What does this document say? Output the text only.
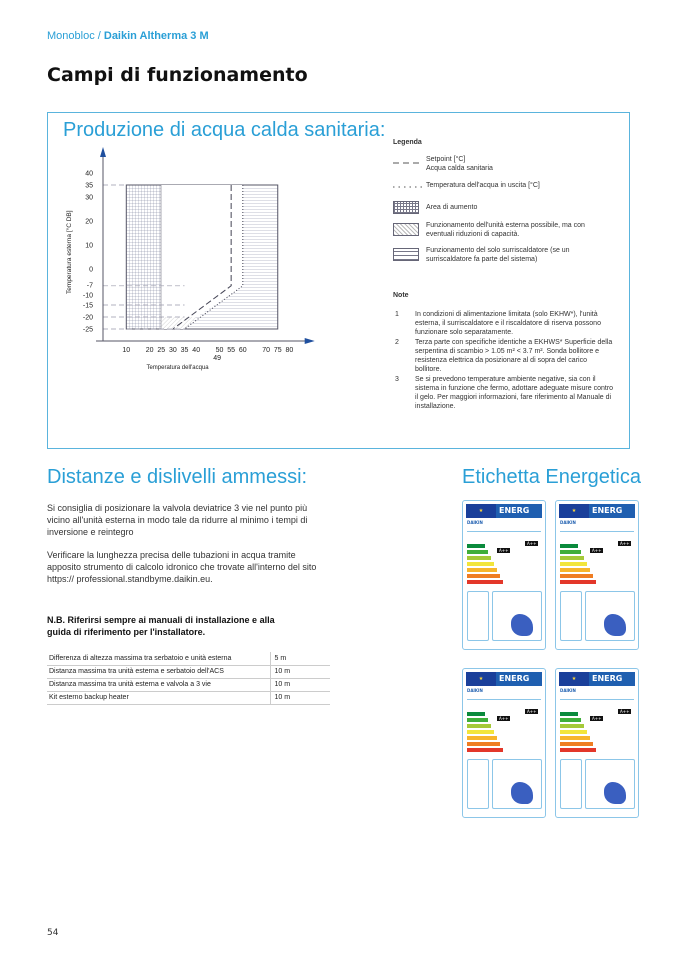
Monobloc / Daikin Altherma 3 M
Campi di funzionamento
Produzione di acqua calda sanitaria:
40
35
30
20
10
0
-7
-10
-15
-20
-25
10 20 25 30 35 40 50 55 60 70 75 80
49
Temperatura dell'acqua
Temperatura esterna [°C DB]
Legenda
Setpoint [°C]
Acqua calda sanitaria
Temperatura dell'acqua in uscita [°C]
Area di aumento
Funzionamento dell'unità esterna possibile, ma con
eventuali riduzioni di capacità.
Funzionamento del solo surriscaldatore (se un
surriscaldatore fa parte del sistema)
Note
1	In condizioni di alimentazione limitata (solo EKHW*), l'unità esterna, il surriscaldatore e il riscaldatore di riserva possono funzionare solo separatamente.
2	Terza parte con specifiche identiche a EKHWS* Superficie della serpentina di scambio > 1.05 m² < 3.7 m². Sonda bollitore e resistenza elettrica da posizionare al di sopra del carico bollitore.
3	Se si prevedono temperature ambiente negative, sia con il sistema in funzione che fermo, adottare adeguate misure contro il gelo. Per maggiori informazioni, fare riferimento al Manuale di installazione.
Distanze e dislivelli ammessi:
Si consiglia di posizionare la valvola deviatrice 3 vie nel punto più vicino all'unità esterna in modo tale da ridurre al minimo i tempi di inversione e reintegro
Verificare la lunghezza precisa delle tubazioni in acqua tramite apposito strumento di calcolo idronico che trovate all'interno del sito
https:// professional.standbyme.daikin.eu.
N.B. Riferirsi sempre ai manuali di installazione e alla guida di riferimento per l'installatore.
Differenza di altezza massima tra serbatoio e unità esterna	5 m
Distanza massima tra unità esterna e serbatoio dell'ACS	10 m
Distanza massima tra unità esterna e valvola a 3 vie	10 m
Kit esterno backup heater	10 m
Etichetta Energetica
★	ENERG
DAIKIN
A++
A++
★	ENERG
DAIKIN
A++
A++
★	ENERG
DAIKIN
A++
A++
★	ENERG
DAIKIN
A++
A++
54
